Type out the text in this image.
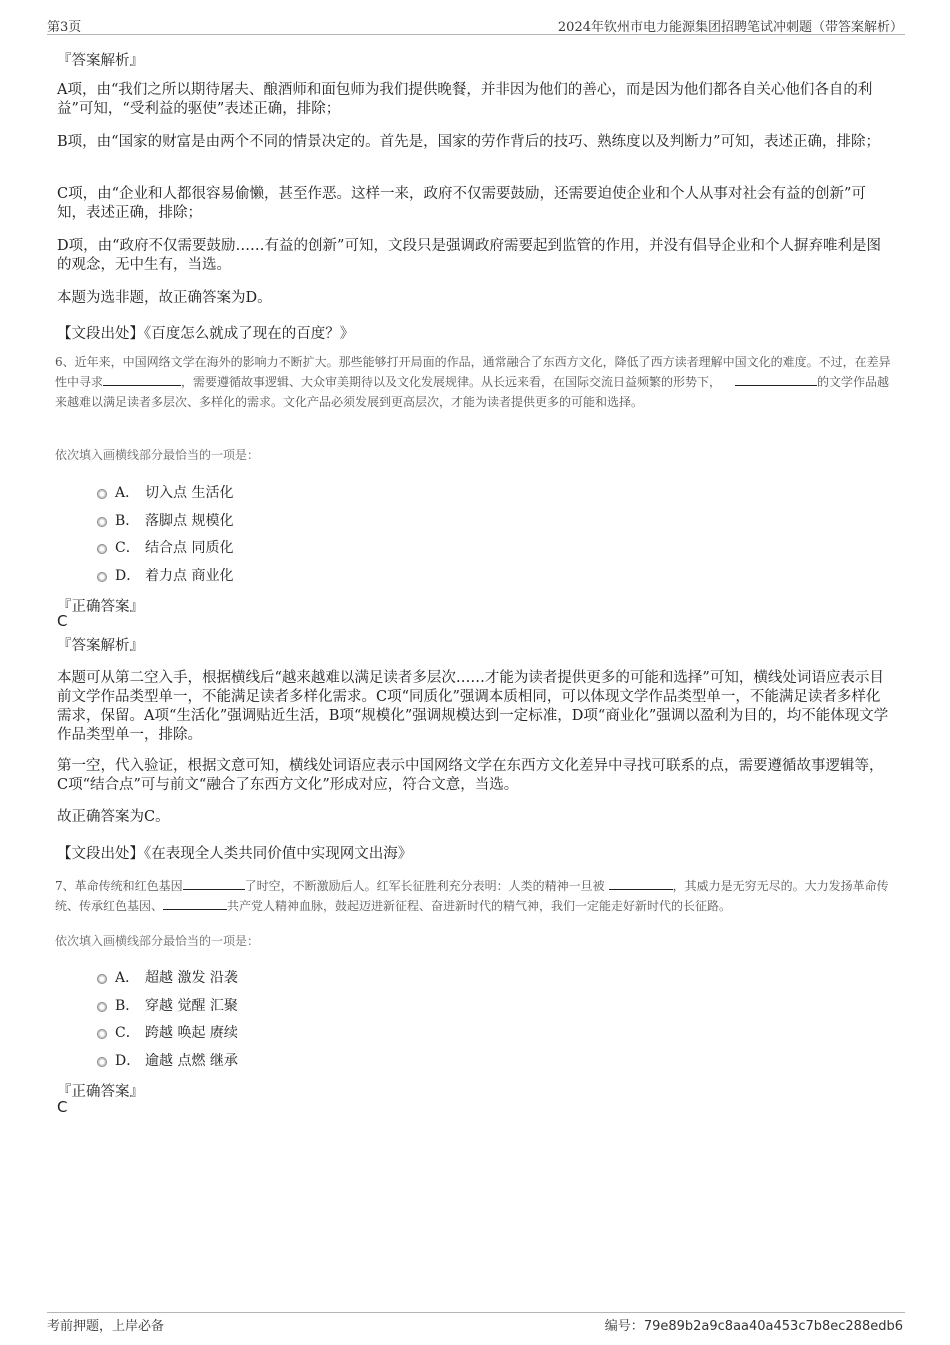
第3页	2024年钦州市电力能源集团招聘笔试冲刺题（带答案解析）
『答案解析』
A项，由“我们之所以期待屠夫、酿酒师和面包师为我们提供晚餐，并非因为他们的善心，而是因为他们都各自关心他们各自的利益”可知，“受利益的驱使”表述正确，排除；
B项，由“国家的财富是由两个不同的情景决定的。首先是，国家的劳作背后的技巧、熟练度以及判断力”可知，表述正确，排除；
C项，由“企业和人都很容易偷懒，甚至作恶。这样一来，政府不仅需要鼓励，还需要迫使企业和个人从事对社会有益的创新”可知，表述正确，排除；
D项，由“政府不仅需要鼓励……有益的创新”可知，文段只是强调政府需要起到监管的作用，并没有倡导企业和个人摒弃唯利是图的观念，无中生有，当选。
本题为选非题，故正确答案为D。
【文段出处】《百度怎么就成了现在的百度？》
6、近年来，中国网络文学在海外的影响力不断扩大。那些能够打开局面的作品，通常融合了东西方文化，降低了西方读者理解中国文化的难度。不过，在差异性中寻求	，需要遵循故事逻辑、大众审美期待以及文化发展规律。从长远来看，在国际交流日益频繁的形势下，	的文学作品越来越难以满足读者多层次、多样化的需求。文化产品必须发展到更高层次，才能为读者提供更多的可能和选择。
依次填入画横线部分最恰当的一项是：
A． 切入点 生活化
B． 落脚点 规模化
C． 结合点 同质化
D． 着力点 商业化
『正确答案』
C
『答案解析』
本题可从第二空入手，根据横线后“越来越难以满足读者多层次……才能为读者提供更多的可能和选择”可知，横线处词语应表示目前文学作品类型单一，不能满足读者多样化需求。C项“同质化”强调本质相同，可以体现文学作品类型单一，不能满足读者多样化需求，保留。A项“生活化”强调贴近生活，B项“规模化”强调规模达到一定标准，D项“商业化”强调以盈利为目的，均不能体现文学作品类型单一，排除。
第一空，代入验证，根据文意可知，横线处词语应表示中国网络文学在东西方文化差异中寻找可联系的点，需要遵循故事逻辑等，C项“结合点”可与前文“融合了东西方文化”形成对应，符合文意，当选。
故正确答案为C。
【文段出处】《在表现全人类共同价值中实现网文出海》
7、革命传统和红色基因	了时空，不断激励后人。红军长征胜利充分表明：人类的精神一旦被	，其威力是无穷无尽的。大力发扬革命传统、传承红色基因、	共产党人精神血脉，鼓起迈进新征程、奋进新时代的精气神，我们一定能走好新时代的长征路。
依次填入画横线部分最恰当的一项是：
A． 超越 激发 沿袭
B． 穿越 觉醒 汇聚
C． 跨越 唤起 赓续
D． 逾越 点燃 继承
『正确答案』
C
考前押题，上岸必备	编号：79e89b2a9c8aa40a453c7b8ec288edb6
